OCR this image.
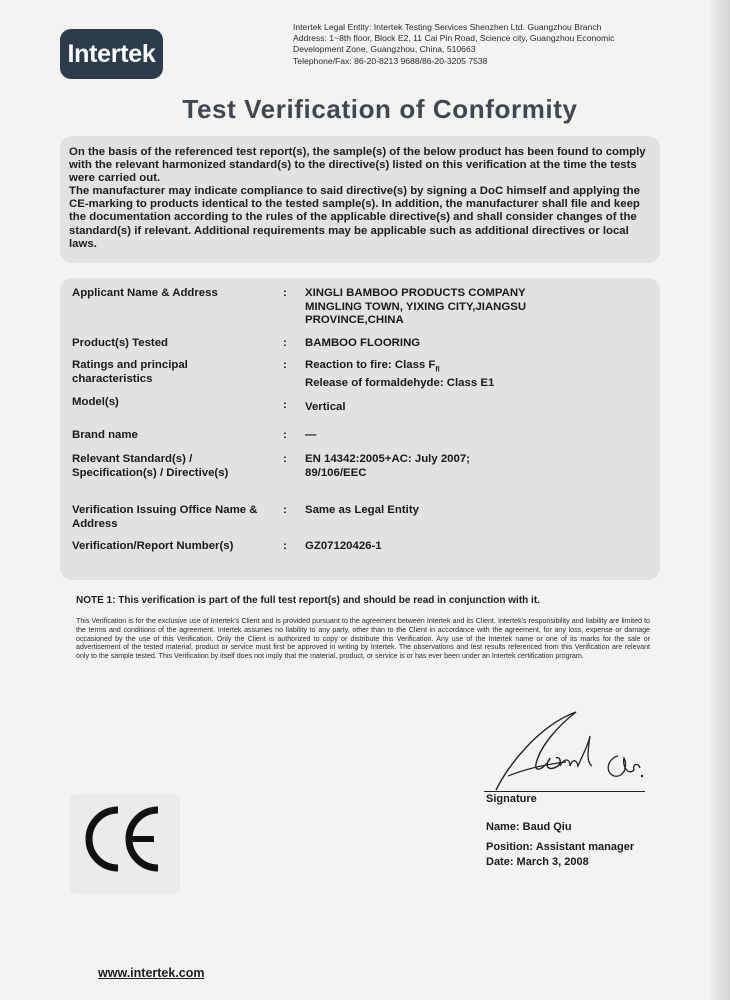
Intertek
Intertek Legal Entity: Intertek Testing Services Shenzhen Ltd. Guangzhou Branch
Address: 1~8th floor, Block E2, 11 Cai Pin Road, Science city, Guangzhou Economic
Development Zone, Guangzhou, China, 510663
Telephone/Fax: 86-20-8213 9688/86-20-3205 7538
Test Verification of Conformity

On the basis of the referenced test report(s), the sample(s) of the below product has been found to comply with the relevant harmonized standard(s) to the directive(s) listed on this verification at the time the tests were carried out.

The manufacturer may indicate compliance to said directive(s) by signing a DoC himself and applying the CE-marking to products identical to the tested sample(s). In addition, the manufacturer shall file and keep the documentation according to the rules of the applicable directive(s) and shall consider changes of the standard(s) if relevant. Additional requirements may be applicable such as additional directives or local laws.

Applicant Name & Address	: XINGLI BAMBOO PRODUCTS COMPANY
MINGLING TOWN, YIXING CITY,JIANGSU
PROVINCE,CHINA
Product(s) Tested	: BAMBOO FLOORING
Ratings and principal
characteristics
: Reaction to fire: Class $F_{fl}$
Release of formaldehyde: Class E1
Model(s)	: Vertical
Brand name	: —
Relevant Standard(s) /
Specification(s) / Directive(s)
: EN 14342:2005+AC: July 2007;
89/106/EEC
Verification Issuing Office Name &
Address
: Same as Legal Entity
Verification/Report Number(s)	: GZ07120426-1
NOTE 1: This verification is part of the full test report(s) and should be read in conjunction with it.
This Verification is for the exclusive use of Intertek's Client and is provided pursuant to the agreement between Intertek and its Client. Intertek's responsibility and liability are limited to the terms and conditions of the agreement. Intertek assumes no liability to any party, other than to the Client in accordance with the agreement, for any loss, expense or damage occasioned by the use of this Verification. Only the Client is authorized to copy or distribute this Verification. Any use of the Intertek name or one of its marks for the sale or advertisement of the tested material, product or service must first be approved in writing by Intertek. The observations and test results referenced from this Verification are relevant only to the sample tested. This Verification by itself does not imply that the material, product, or service is or has ever been under an Intertek certification program.
Signature
Name: Baud Qiu
Position: Assistant manager
Date: March 3, 2008
www.intertek.com
